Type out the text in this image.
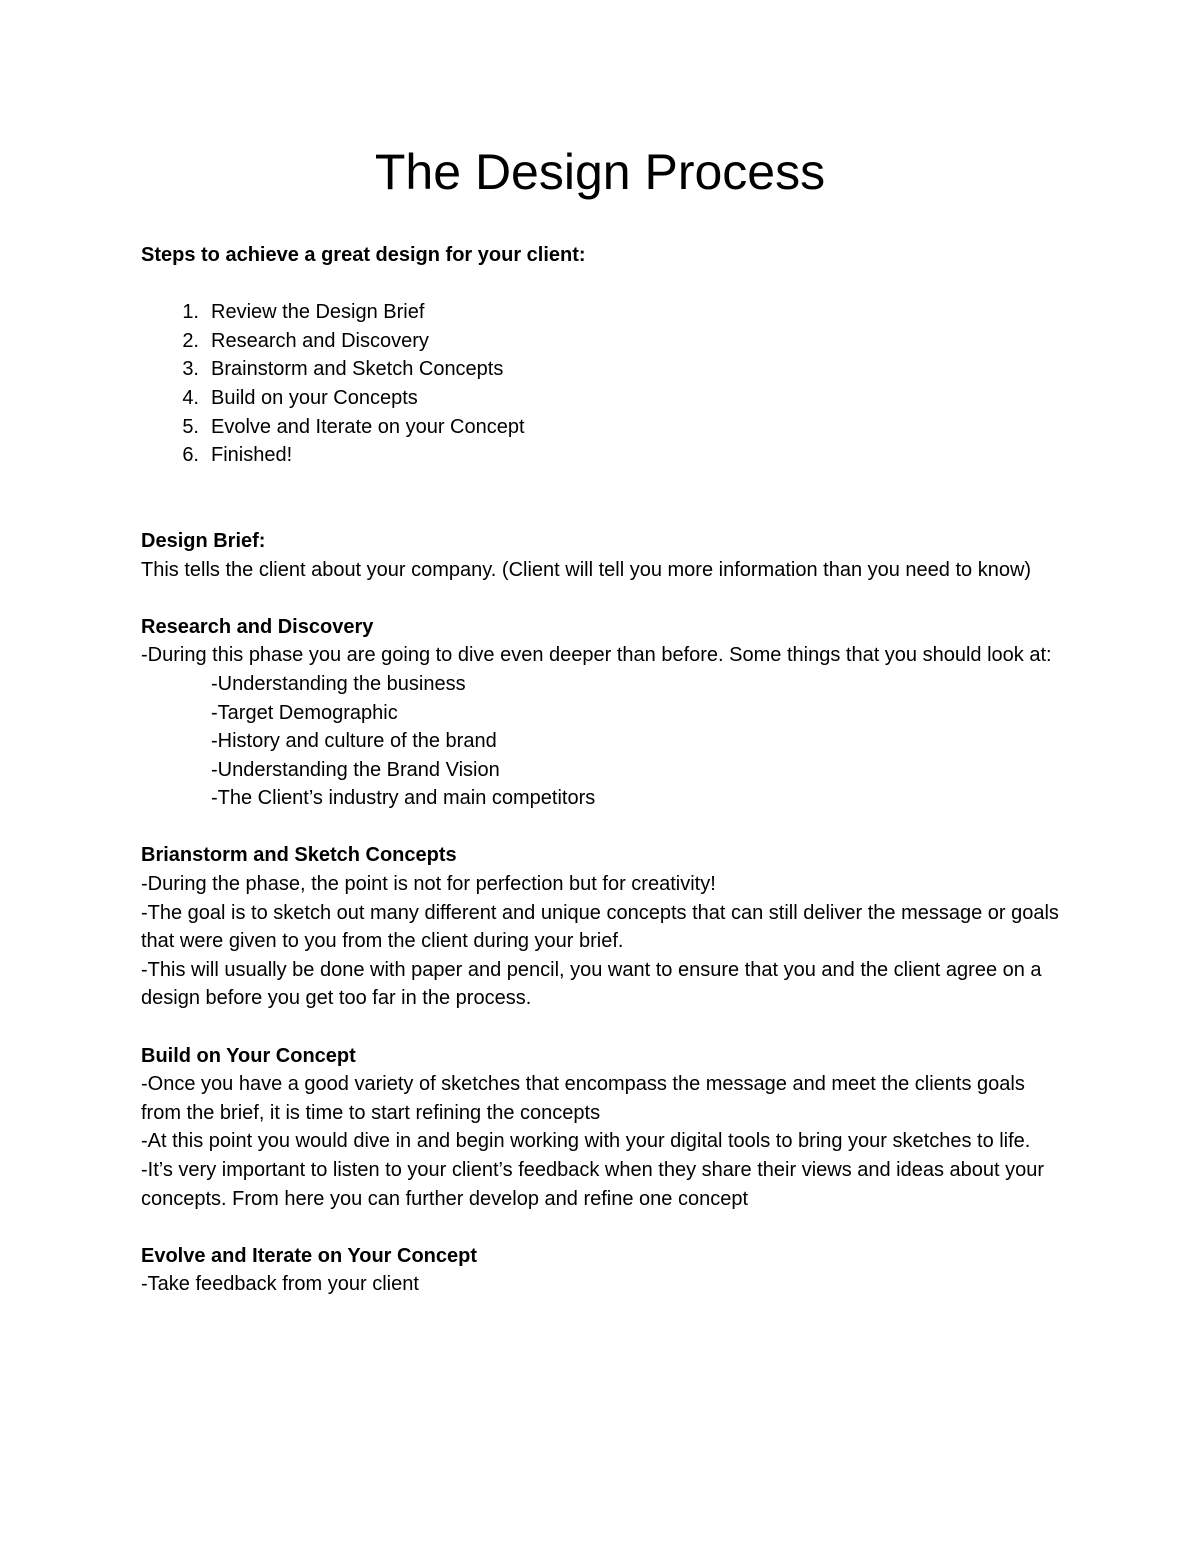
The Design Process

Steps to achieve a great design for your client:

1. Review the Design Brief
2. Research and Discovery
3. Brainstorm and Sketch Concepts
4. Build on your Concepts
5. Evolve and Iterate on your Concept
6. Finished!

Design Brief:

This tells the client about your company. (Client will tell you more information than you need to know)

Research and Discovery

-During this phase you are going to dive even deeper than before. Some things that you should look at:

-Understanding the business

-Target Demographic

-History and culture of the brand

-Understanding the Brand Vision

-The Client’s industry and main competitors

Brianstorm and Sketch Concepts

-During the phase, the point is not for perfection but for creativity!

-The goal is to sketch out many different and unique concepts that can still deliver the message or goals that were given to you from the client during your brief.

-This will usually be done with paper and pencil, you want to ensure that you and the client agree on a design before you get too far in the process.

Build on Your Concept

-Once you have a good variety of sketches that encompass the message and meet the clients goals from the brief, it is time to start refining the concepts

-At this point you would dive in and begin working with your digital tools to bring your sketches to life.

-It’s very important to listen to your client’s feedback when they share their views and ideas about your concepts. From here you can further develop and refine one concept

Evolve and Iterate on Your Concept

-Take feedback from your client
